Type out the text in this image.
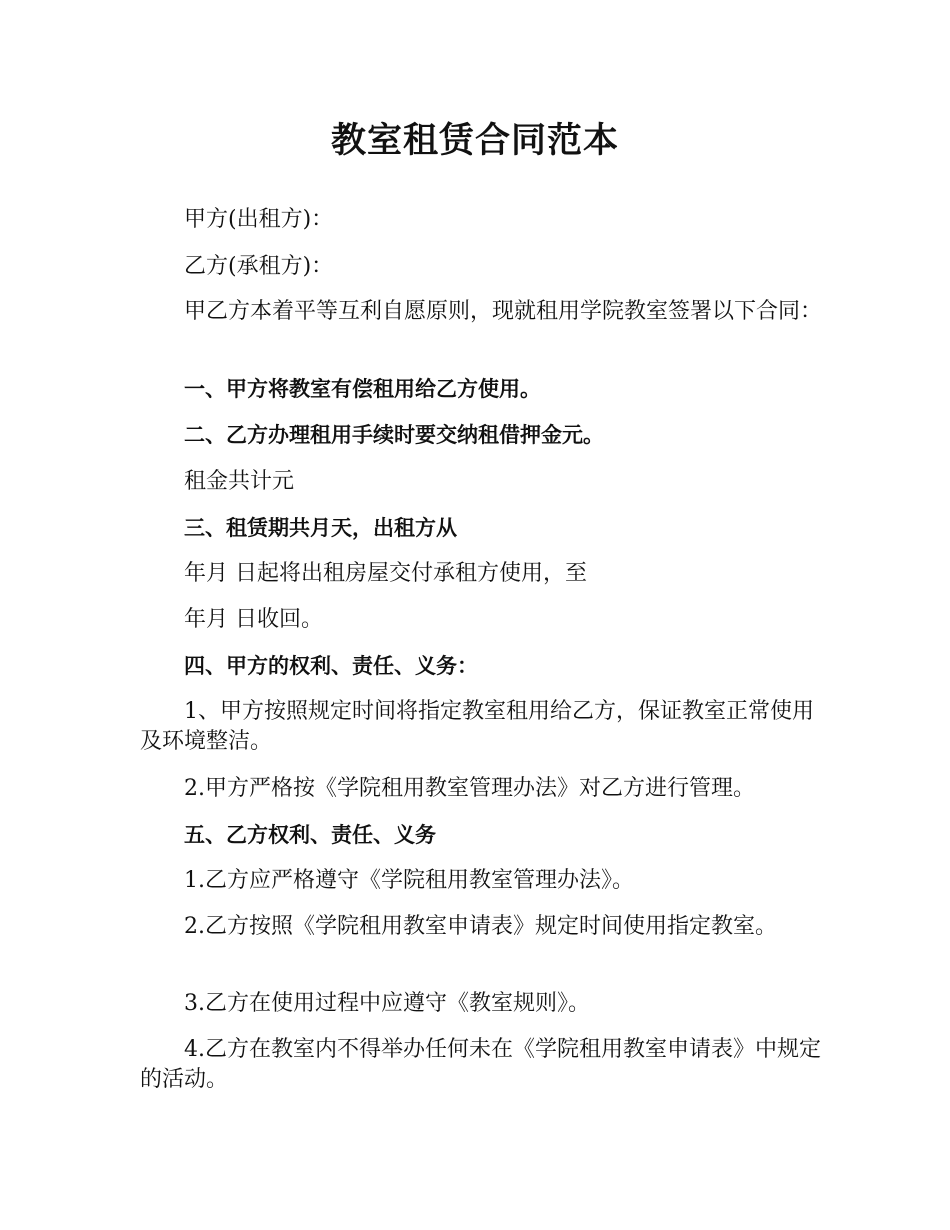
教室租赁合同范本

甲方(出租方)：

乙方(承租方)：

甲乙方本着平等互利自愿原则，现就租用学院教室签署以下合同：

一、甲方将教室有偿租用给乙方使用。

二、乙方办理租用手续时要交纳租借押金元。

租金共计元

三、租赁期共月天，出租方从

年月 日起将出租房屋交付承租方使用，至

年月 日收回。

四、甲方的权利、责任、义务：

1、甲方按照规定时间将指定教室租用给乙方，保证教室正常使用及环境整洁。

2.甲方严格按《学院租用教室管理办法》对乙方进行管理。

五、乙方权利、责任、义务

1.乙方应严格遵守《学院租用教室管理办法》。

2.乙方按照《学院租用教室申请表》规定时间使用指定教室。

3.乙方在使用过程中应遵守《教室规则》。

4.乙方在教室内不得举办任何未在《学院租用教室申请表》中规定的活动。
